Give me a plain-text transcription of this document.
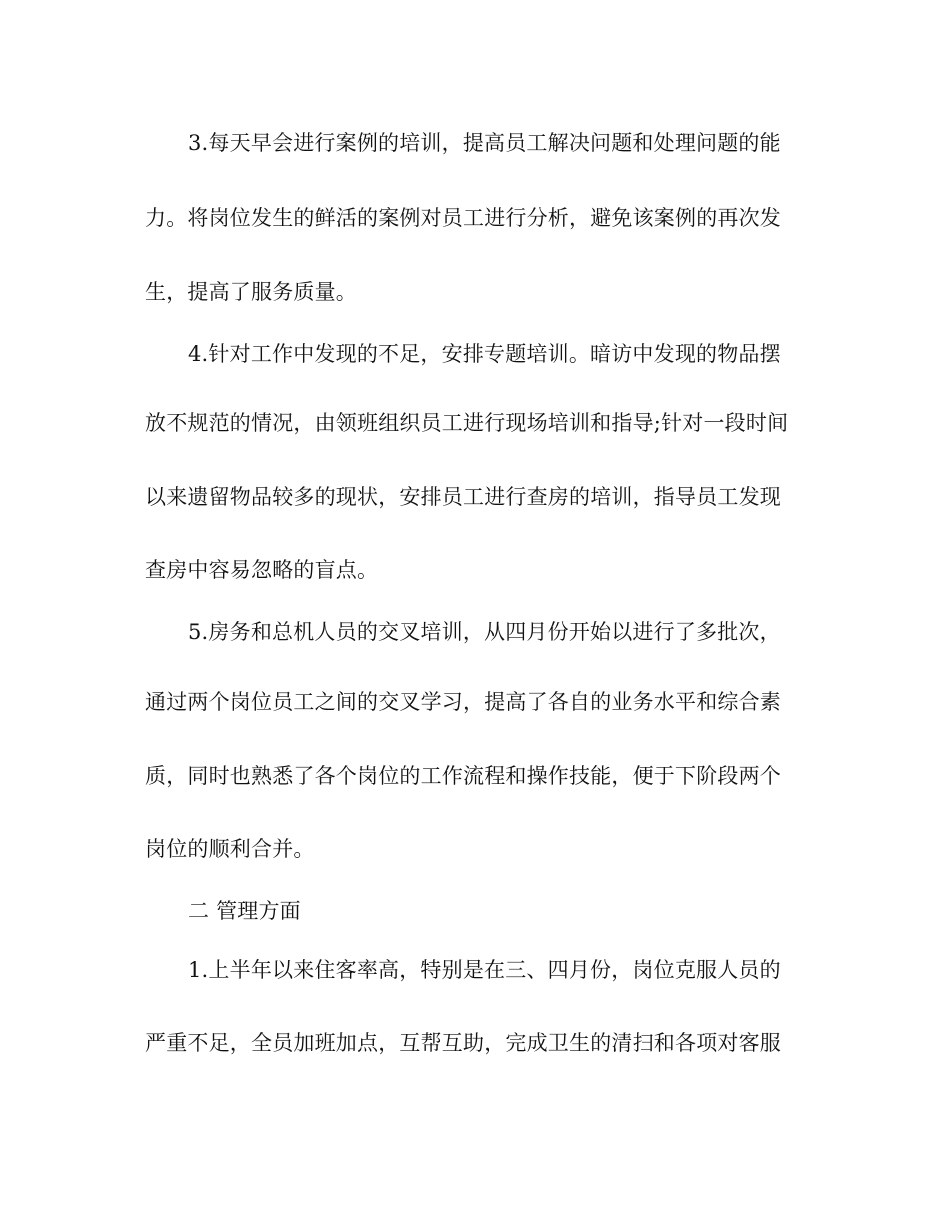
3.每天早会进行案例的培训，提高员工解决问题和处理问题的能
力。将岗位发生的鲜活的案例对员工进行分析，避免该案例的再次发
生，提高了服务质量。
4.针对工作中发现的不足，安排专题培训。暗访中发现的物品摆
放不规范的情况，由领班组织员工进行现场培训和指导;针对一段时间
以来遗留物品较多的现状，安排员工进行查房的培训，指导员工发现
查房中容易忽略的盲点。
5.房务和总机人员的交叉培训，从四月份开始以进行了多批次，
通过两个岗位员工之间的交叉学习，提高了各自的业务水平和综合素
质，同时也熟悉了各个岗位的工作流程和操作技能，便于下阶段两个
岗位的顺利合并。
二 管理方面
1.上半年以来住客率高，特别是在三、四月份，岗位克服人员的
严重不足，全员加班加点，互帮互助，完成卫生的清扫和各项对客服
